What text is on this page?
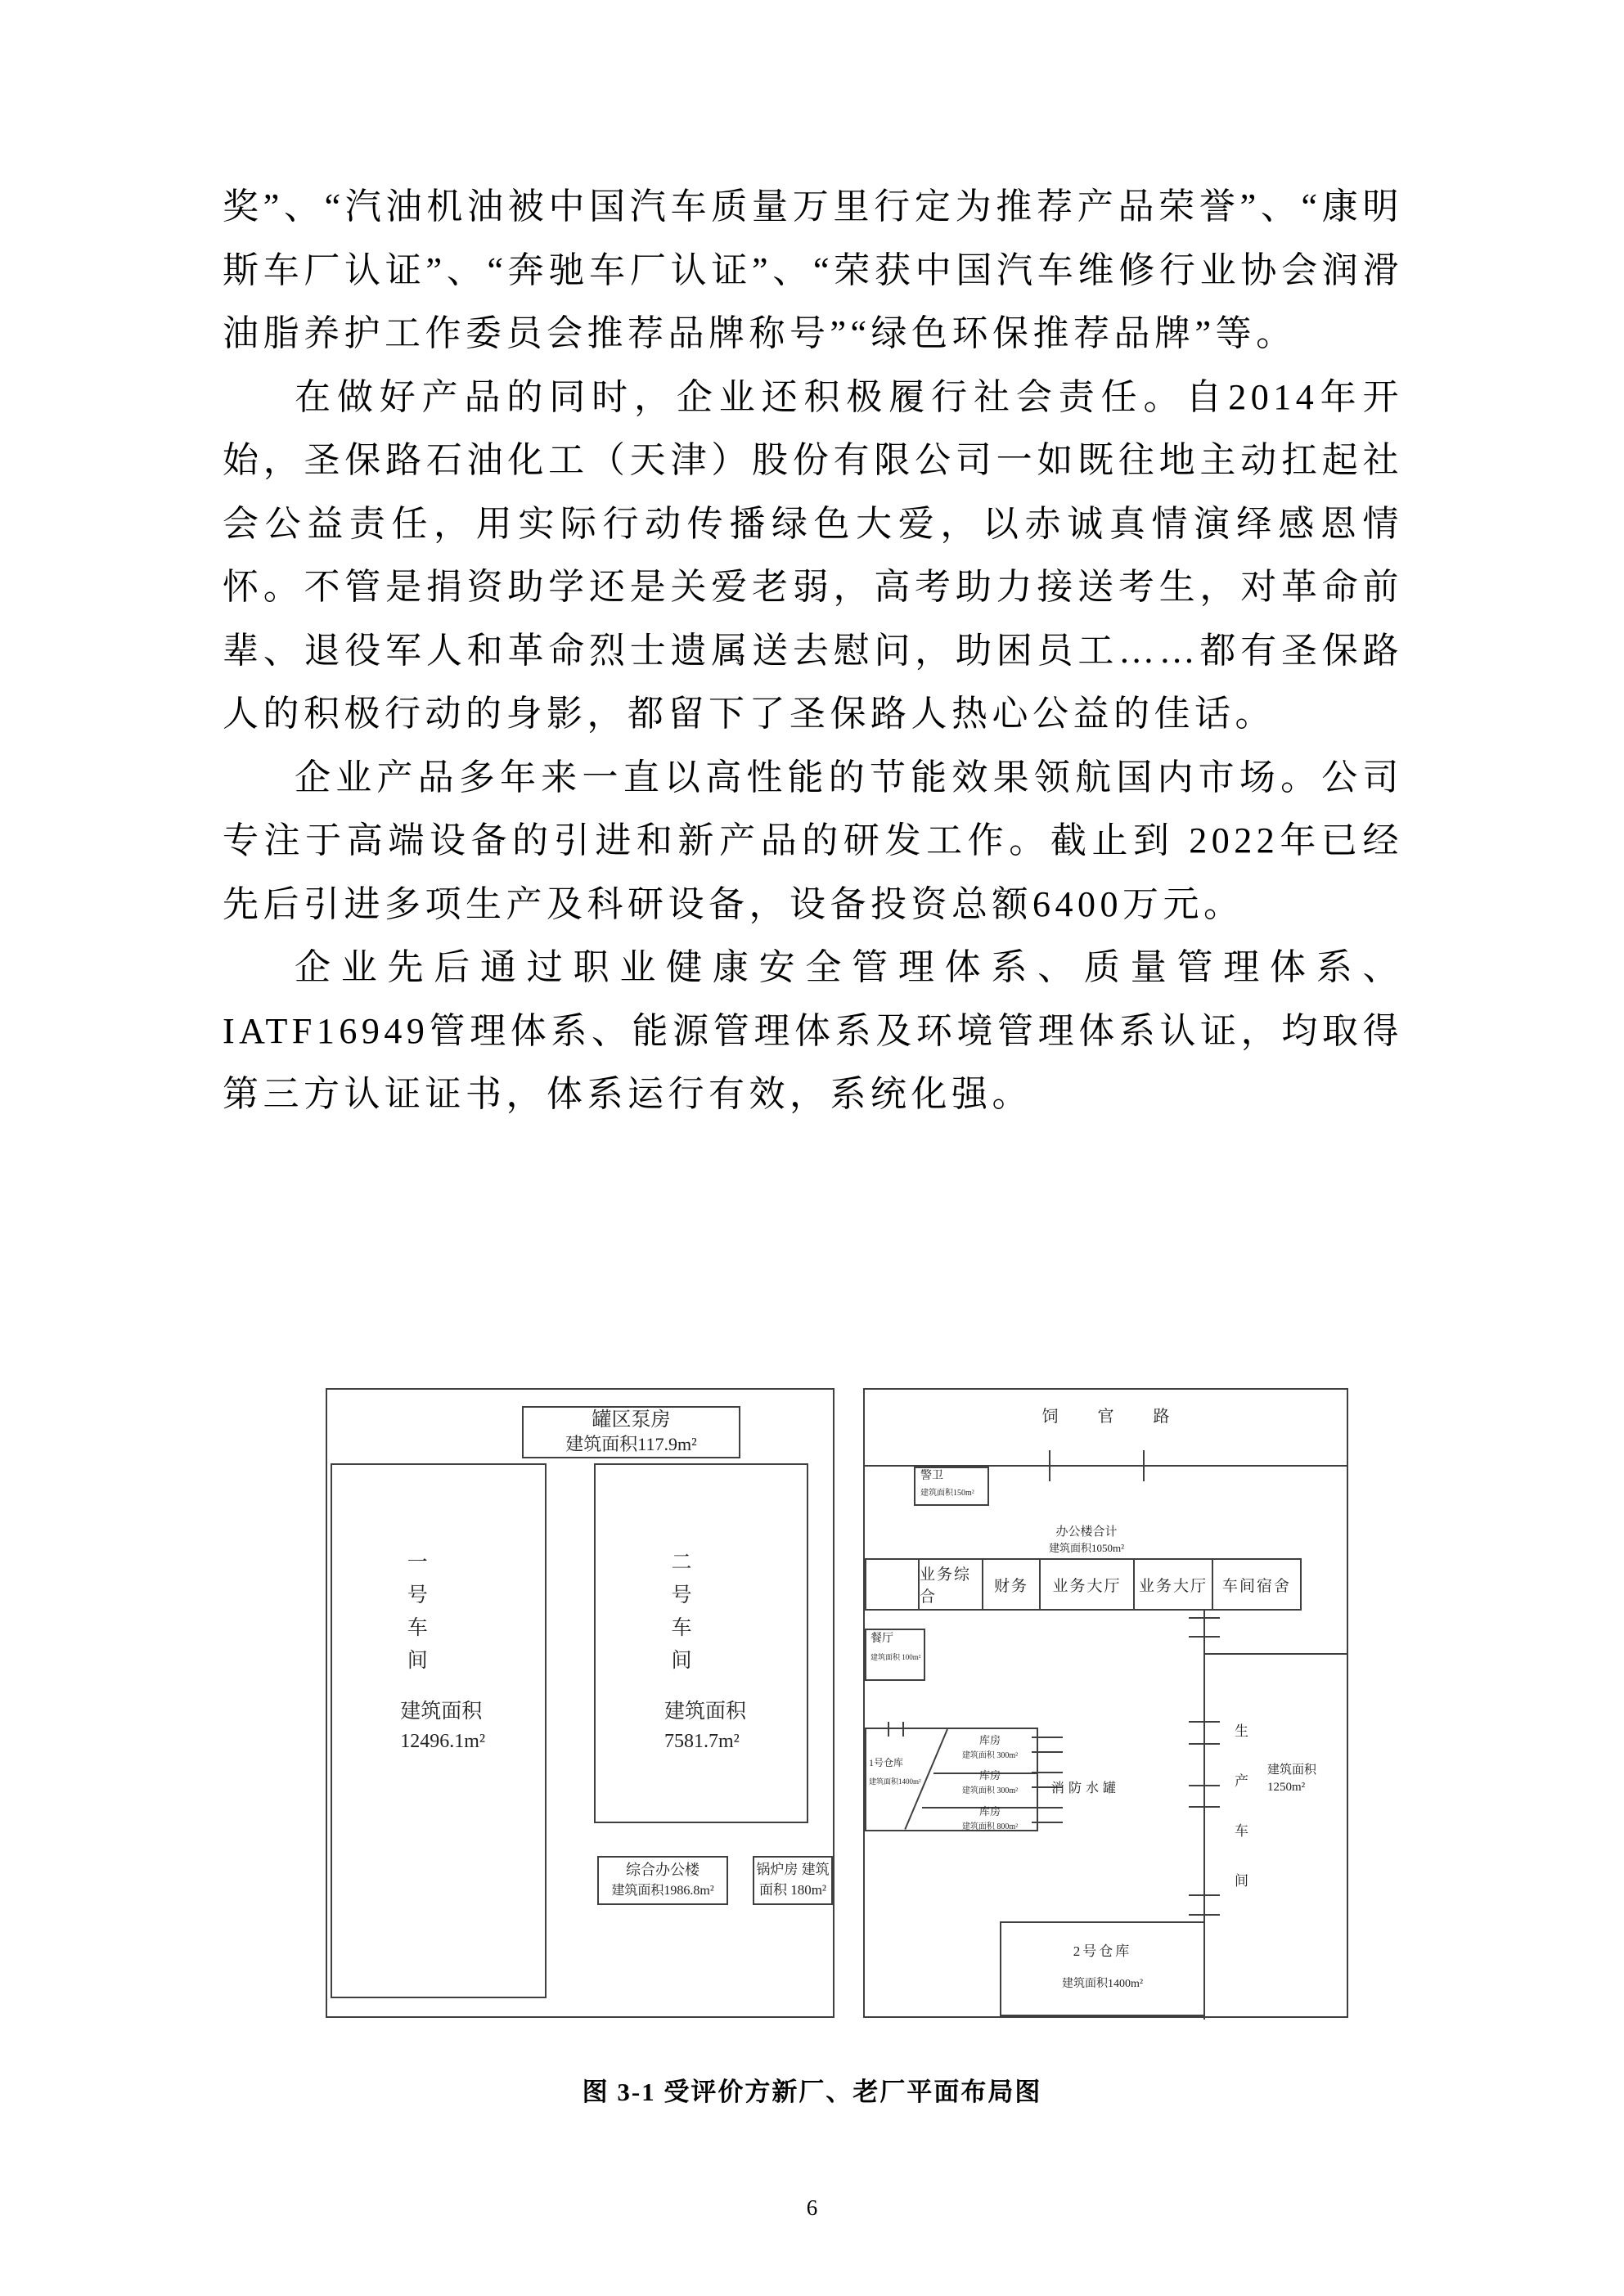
奖”、“汽油机油被中国汽车质量万里行定为推荐产品荣誉”、“康明斯车厂认证”、“奔驰车厂认证”、“荣获中国汽车维修行业协会润滑油脂养护工作委员会推荐品牌称号”“绿色环保推荐品牌”等。

在做好产品的同时，企业还积极履行社会责任。自2014年开始，圣保路石油化工（天津）股份有限公司一如既往地主动扛起社会公益责任，用实际行动传播绿色大爱，以赤诚真情演绎感恩情怀。不管是捐资助学还是关爱老弱，高考助力接送考生，对革命前辈、退役军人和革命烈士遗属送去慰问，助困员工……都有圣保路人的积极行动的身影，都留下了圣保路人热心公益的佳话。

企业产品多年来一直以高性能的节能效果领航国内市场。公司专注于高端设备的引进和新产品的研发工作。截止到 2022年已经先后引进多项生产及科研设备，设备投资总额6400万元。

企业先后通过职业健康安全管理体系、质量管理体系、IATF16949管理体系、能源管理体系及环境管理体系认证，均取得第三方认证证书，体系运行有效，系统化强。

罐区泵房
建筑面积117.9m²
一号车间
建筑面积
12496.1m²
二号车间
建筑面积
7581.7m²
综合办公楼
建筑面积1986.8m²
锅炉房 建筑面积 180m²
饲官路
警卫
建筑面积150m²
办公楼合计
建筑面积1050m²
业务综合
财务	业务大厅	业务大厅 车间宿舍
餐厅
建筑面积 100m²
1号仓库
建筑面积1400m²
库房
建筑面积 300m²
库房
建筑面积 300m²
库房
建筑面积 800m²
消防水罐	生产车间 建筑面积
1250m²
2号仓库
建筑面积1400m²
图 3-1 受评价方新厂、老厂平面布局图
6
